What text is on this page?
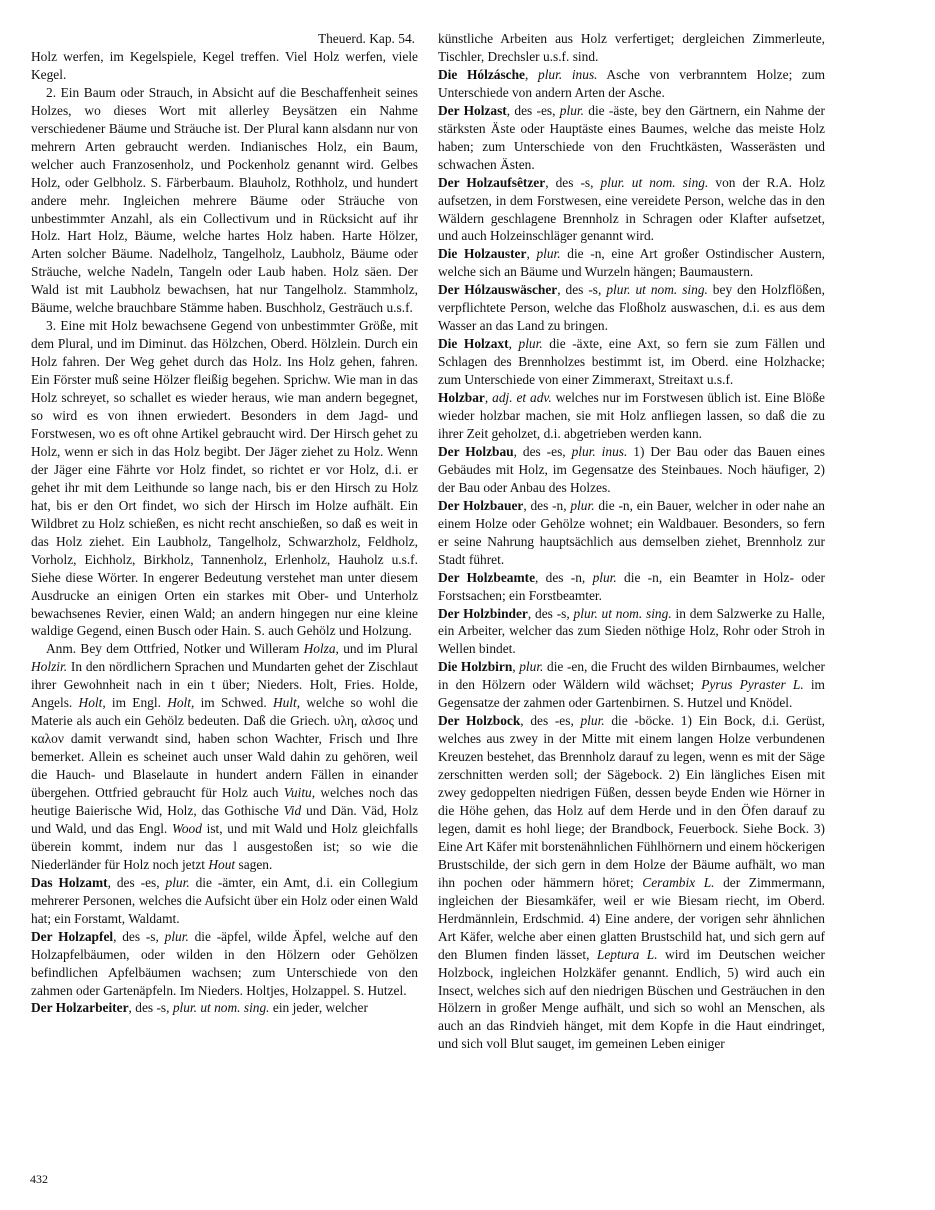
Theuerd. Kap. 54.

Holz werfen, im Kegelspiele, Kegel treffen. Viel Holz werfen, viele Kegel.

2. Ein Baum oder Strauch, in Absicht auf die Beschaffenheit seines Holzes, wo dieses Wort mit allerley Beysätzen ein Nahme verschiedener Bäume und Sträuche ist. Der Plural kann alsdann nur von mehrern Arten gebraucht werden. Indianisches Holz, ein Baum, welcher auch Franzosenholz, und Pockenholz genannt wird. Gelbes Holz, oder Gelbholz. S. Färberbaum. Blauholz, Rothholz, und hundert andere mehr. Ingleichen mehrere Bäume oder Sträuche von unbestimmter Anzahl, als ein Collectivum und in Rücksicht auf ihr Holz. Hart Holz, Bäume, welche hartes Holz haben. Harte Hölzer, Arten solcher Bäume. Nadelholz, Tangelholz, Laubholz, Bäume oder Sträuche, welche Nadeln, Tangeln oder Laub haben. Holz säen. Der Wald ist mit Laubholz bewachsen, hat nur Tangelholz. Stammholz, Bäume, welche brauchbare Stämme haben. Buschholz, Gesträuch u.s.f.

3. Eine mit Holz bewachsene Gegend von unbestimmter Größe, mit dem Plural, und im Diminut. das Hölzchen, Oberd. Hölzlein. Durch ein Holz fahren. Der Weg gehet durch das Holz. Ins Holz gehen, fahren. Ein Förster muß seine Hölzer fleißig begehen. Sprichw. Wie man in das Holz schreyet, so schallet es wieder heraus, wie man andern begegnet, so wird es von ihnen erwiedert. Besonders in dem Jagd- und Forstwesen, wo es oft ohne Artikel gebraucht wird. Der Hirsch gehet zu Holz, wenn er sich in das Holz begibt. Der Jäger ziehet zu Holz. Wenn der Jäger eine Fährte vor Holz findet, so richtet er vor Holz, d.i. er gehet ihr mit dem Leithunde so lange nach, bis er den Hirsch zu Holz hat, bis er den Ort findet, wo sich der Hirsch im Holze aufhält. Ein Wildbret zu Holz schießen, es nicht recht anschießen, so daß es weit in das Holz ziehet. Ein Laubholz, Tangelholz, Schwarzholz, Feldholz, Vorholz, Eichholz, Birkholz, Tannenholz, Erlenholz, Hauholz u.s.f. Siehe diese Wörter. In engerer Bedeutung verstehet man unter diesem Ausdrucke an einigen Orten ein starkes mit Ober- und Unterholz bewachsenes Revier, einen Wald; an andern hingegen nur eine kleine waldige Gegend, einen Busch oder Hain. S. auch Gehölz und Holzung.

Anm. Bey dem Ottfried, Notker und Willeram Holza, und im Plural Holzir. In den nördlichern Sprachen und Mundarten gehet der Zischlaut ihrer Gewohnheit nach in ein t über; Nieders. Holt, Fries. Holde, Angels. Holt, im Engl. Holt, im Schwed. Hult, welche so wohl die Materie als auch ein Gehölz bedeuten. Daß die Griech. υλη, αλσος und καλον damit verwandt sind, haben schon Wachter, Frisch und Ihre bemerket. Allein es scheinet auch unser Wald dahin zu gehören, weil die Hauch- und Blaselaute in hundert andern Fällen in einander übergehen. Ottfried gebraucht für Holz auch Vuitu, welches noch das heutige Baierische Wid, Holz, das Gothische Vid und Dän. Väd, Holz und Wald, und das Engl. Wood ist, und mit Wald und Holz gleichfalls überein kommt, indem nur das l ausgestoßen ist; so wie die Niederländer für Holz noch jetzt Hout sagen.

Das Holzamt, des -es, plur. die -ämter, ein Amt, d.i. ein Collegium mehrerer Personen, welches die Aufsicht über ein Holz oder einen Wald hat; ein Forstamt, Waldamt.

Der Holzapfel, des -s, plur. die -äpfel, wilde Äpfel, welche auf den Holzapfelbäumen, oder wilden in den Hölzern oder Gehölzen befindlichen Apfelbäumen wachsen; zum Unterschiede von den zahmen oder Gartenäpfeln. Im Nieders. Holtjes, Holzappel. S. Hutzel.

Der Holzarbeiter, des -s, plur. ut nom. sing. ein jeder, welcher

künstliche Arbeiten aus Holz verfertiget; dergleichen Zimmerleute, Tischler, Drechsler u.s.f. sind.

Die Hólzásche, plur. inus. Asche von verbranntem Holze; zum Unterschiede von andern Arten der Asche.

Der Holzast, des -es, plur. die -äste, bey den Gärtnern, ein Nahme der stärksten Äste oder Hauptäste eines Baumes, welche das meiste Holz haben; zum Unterschiede von den Fruchtkästen, Wasserästen und schwachen Ästen.

Der Holzaufsêtzer, des -s, plur. ut nom. sing. von der R.A. Holz aufsetzen, in dem Forstwesen, eine vereidete Person, welche das in den Wäldern geschlagene Brennholz in Schragen oder Klafter aufsetzet, und auch Holzeinschläger genannt wird.

Die Holzauster, plur. die -n, eine Art großer Ostindischer Austern, welche sich an Bäume und Wurzeln hängen; Baumaustern.

Der Hólzauswäscher, des -s, plur. ut nom. sing. bey den Holzflößen, verpflichtete Person, welche das Floßholz auswaschen, d.i. es aus dem Wasser an das Land zu bringen.

Die Holzaxt, plur. die -äxte, eine Axt, so fern sie zum Fällen und Schlagen des Brennholzes bestimmt ist, im Oberd. eine Holzhacke; zum Unterschiede von einer Zimmeraxt, Streitaxt u.s.f.

Holzbar, adj. et adv. welches nur im Forstwesen üblich ist. Eine Blöße wieder holzbar machen, sie mit Holz anfliegen lassen, so daß die zu ihrer Zeit geholzet, d.i. abgetrieben werden kann.

Der Holzbau, des -es, plur. inus. 1) Der Bau oder das Bauen eines Gebäudes mit Holz, im Gegensatze des Steinbaues. Noch häufiger, 2) der Bau oder Anbau des Holzes.

Der Holzbauer, des -n, plur. die -n, ein Bauer, welcher in oder nahe an einem Holze oder Gehölze wohnet; ein Waldbauer. Besonders, so fern er seine Nahrung hauptsächlich aus demselben ziehet, Brennholz zur Stadt führet.

Der Holzbeamte, des -n, plur. die -n, ein Beamter in Holz- oder Forstsachen; ein Forstbeamter.

Der Holzbinder, des -s, plur. ut nom. sing. in dem Salzwerke zu Halle, ein Arbeiter, welcher das zum Sieden nöthige Holz, Rohr oder Stroh in Wellen bindet.

Die Holzbirn, plur. die -en, die Frucht des wilden Birnbaumes, welcher in den Hölzern oder Wäldern wild wächset; Pyrus Pyraster L. im Gegensatze der zahmen oder Gartenbirnen. S. Hutzel und Knödel.

Der Holzbock, des -es, plur. die -böcke. 1) Ein Bock, d.i. Gerüst, welches aus zwey in der Mitte mit einem langen Holze verbundenen Kreuzen bestehet, das Brennholz darauf zu legen, wenn es mit der Säge zerschnitten werden soll; der Sägebock. 2) Ein längliches Eisen mit zwey gedoppelten niedrigen Füßen, dessen beyde Enden wie Hörner in die Höhe gehen, das Holz auf dem Herde und in den Öfen darauf zu legen, damit es hohl liege; der Brandbock, Feuerbock. Siehe Bock. 3) Eine Art Käfer mit borstenähnlichen Fühlhörnern und einem höckerigen Brustschilde, der sich gern in dem Holze der Bäume aufhält, wo man ihn pochen oder hämmern höret; Cerambix L. der Zimmermann, ingleichen der Biesamkäfer, weil er wie Biesam riecht, im Oberd. Herdmännlein, Erdschmid. 4) Eine andere, der vorigen sehr ähnlichen Art Käfer, welche aber einen glatten Brustschild hat, und sich gern auf den Blumen finden lässet, Leptura L. wird im Deutschen weicher Holzbock, ingleichen Holzkäfer genannt. Endlich, 5) wird auch ein Insect, welches sich auf den niedrigen Büschen und Gesträuchen in den Hölzern in großer Menge aufhält, und sich so wohl an Menschen, als auch an das Rindvieh hänget, mit dem Kopfe in die Haut eindringet, und sich voll Blut sauget, im gemeinen Leben einiger

432
